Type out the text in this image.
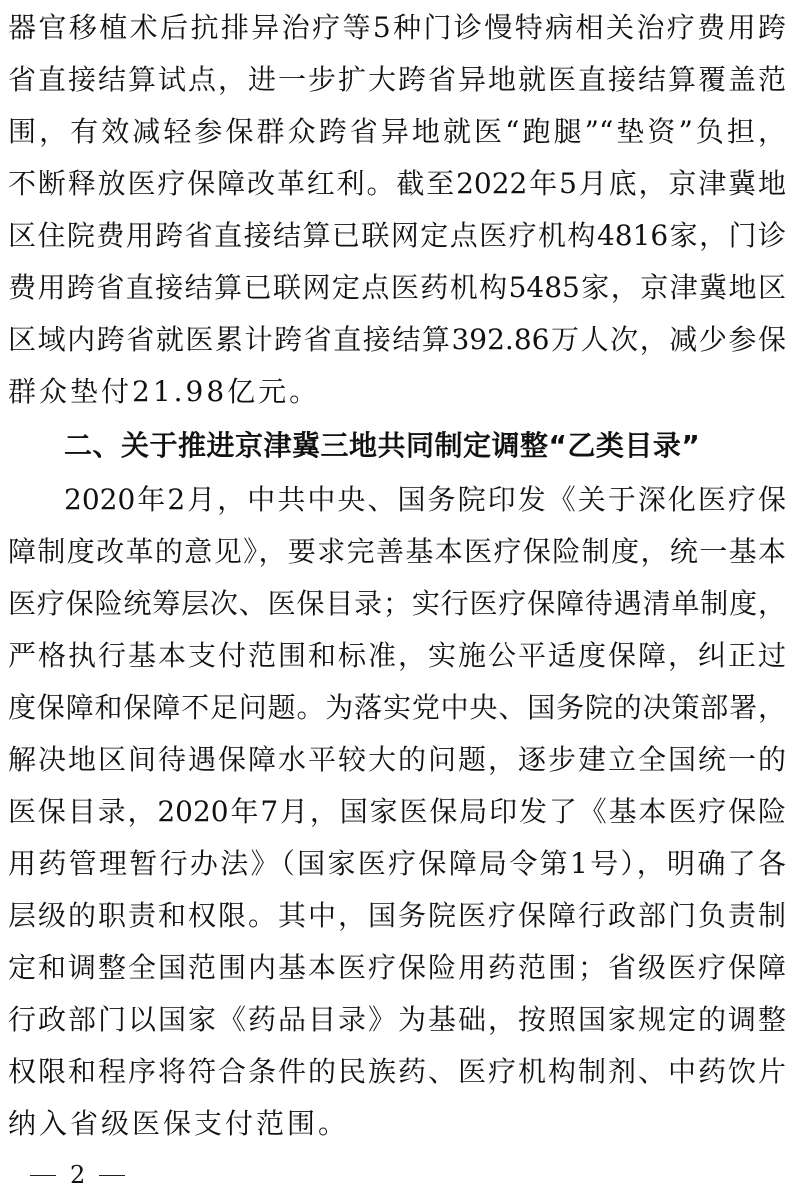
器官移植术后抗排异治疗等5种门诊慢特病相关治疗费用跨
省直接结算试点，进一步扩大跨省异地就医直接结算覆盖范
围，有效减轻参保群众跨省异地就医“跑腿”“垫资”负担，
不断释放医疗保障改革红利。截至2022年5月底，京津冀地
区住院费用跨省直接结算已联网定点医疗机构4816家，门诊
费用跨省直接结算已联网定点医药机构5485家，京津冀地区
区域内跨省就医累计跨省直接结算392.86万人次，减少参保
群众垫付21.98亿元。
二、关于推进京津冀三地共同制定调整“乙类目录”
2020年2月，中共中央、国务院印发《关于深化医疗保
障制度改革的意见》，要求完善基本医疗保险制度，统一基本
医疗保险统筹层次、医保目录；实行医疗保障待遇清单制度，
严格执行基本支付范围和标准，实施公平适度保障，纠正过
度保障和保障不足问题。为落实党中央、国务院的决策部署，
解决地区间待遇保障水平较大的问题，逐步建立全国统一的
医保目录，2020年7月，国家医保局印发了《基本医疗保险
用药管理暂行办法》（国家医疗保障局令第1号），明确了各
层级的职责和权限。其中，国务院医疗保障行政部门负责制
定和调整全国范围内基本医疗保险用药范围；省级医疗保障
行政部门以国家《药品目录》为基础，按照国家规定的调整
权限和程序将符合条件的民族药、医疗机构制剂、中药饮片
纳入省级医保支付范围。
2
